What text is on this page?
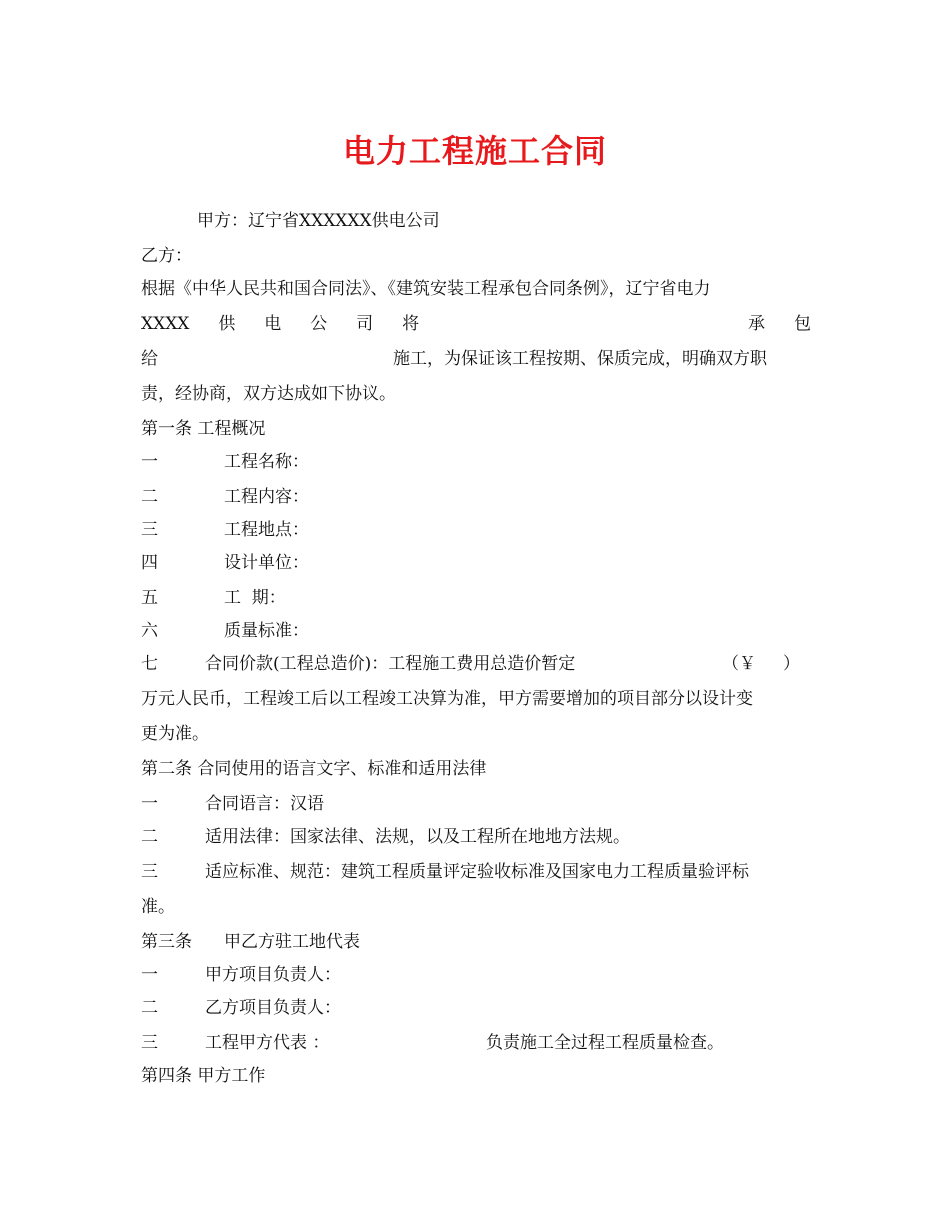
电力工程施工合同
甲方：辽宁省XXXXXX供电公司
乙方：
根据《中华人民共和国合同法》、《建筑安装工程承包合同条例》，辽宁省电力
XXXX 供 电 公 司 将	承 包
给	施工，为保证该工程按期、保质完成，明确双方职
责，经协商，双方达成如下协议。
第一条 工程概况
一	工程名称：
二	工程内容：
三	工程地点：
四	设计单位：
五	工  期：
六	质量标准：
七	合同价款(工程总造价)：工程施工费用总造价暂定	（￥     ）
万元人民币，工程竣工后以工程竣工决算为准，甲方需要增加的项目部分以设计变
更为准。
第二条 合同使用的语言文字、标准和适用法律
一	合同语言：汉语
二	适用法律：国家法律、法规，以及工程所在地地方法规。
三	适应标准、规范：建筑工程质量评定验收标准及国家电力工程质量验评标
准。
第三条 甲乙方驻工地代表
一	甲方项目负责人：
二	乙方项目负责人：
三	工程甲方代表 ：	负责施工全过程工程质量检查。
第四条 甲方工作
